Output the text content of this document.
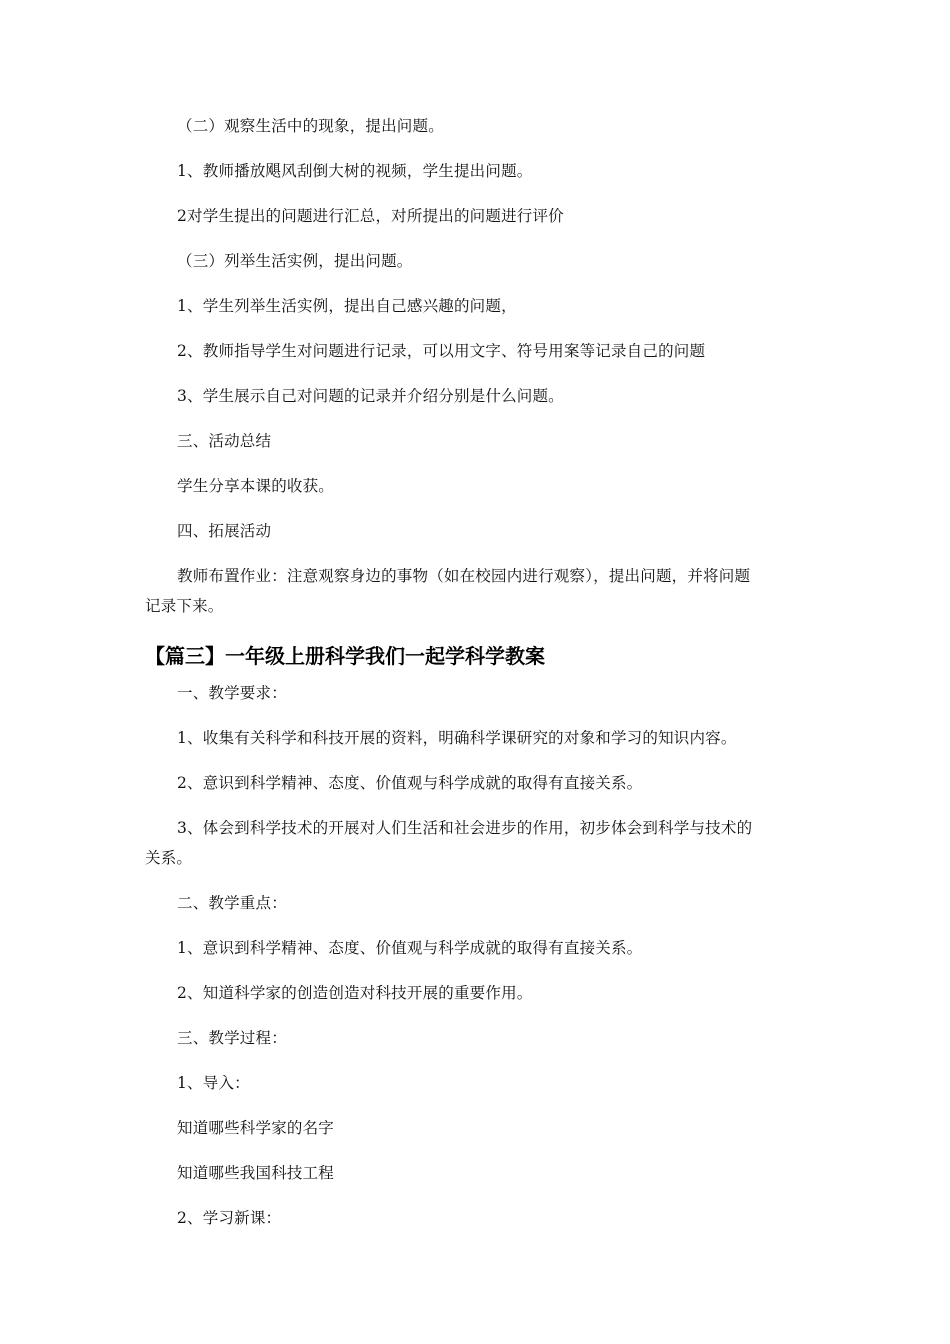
（二）观察生活中的现象，提出问题。
1、教师播放飓风刮倒大树的视频，学生提出问题。
2对学生提出的问题进行汇总，对所提出的问题进行评价
（三）列举生活实例，提出问题。
1、学生列举生活实例，提出自己感兴趣的问题，
2、教师指导学生对问题进行记录，可以用文字、符号用案等记录自己的问题
3、学生展示自己对问题的记录并介绍分别是什么问题。
三、活动总结
学生分享本课的收获。
四、拓展活动
教师布置作业：注意观察身边的事物（如在校园内进行观察），提出问题，并将问题
记录下来。
【篇三】一年级上册科学我们一起学科学教案
一、教学要求：
1、收集有关科学和科技开展的资料，明确科学课研究的对象和学习的知识内容。
2、意识到科学精神、态度、价值观与科学成就的取得有直接关系。
3、体会到科学技术的开展对人们生活和社会进步的作用，初步体会到科学与技术的
关系。
二、教学重点：
1、意识到科学精神、态度、价值观与科学成就的取得有直接关系。
2、知道科学家的创造创造对科技开展的重要作用。
三、教学过程：
1、导入：
知道哪些科学家的名字
知道哪些我国科技工程
2、学习新课：
